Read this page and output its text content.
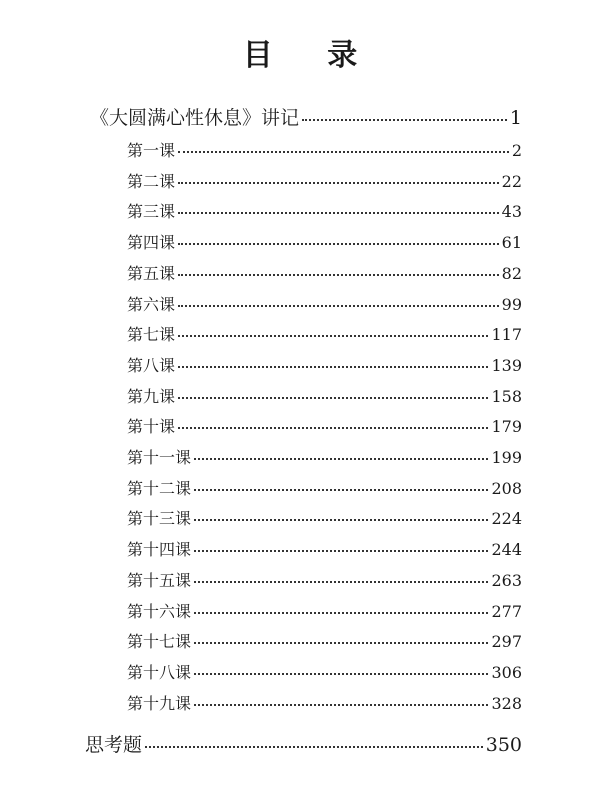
目 录
《大圆满心性休息》讲记	1
第一课	2
第二课	22
第三课	43
第四课	61
第五课	82
第六课	99
第七课	117
第八课	139
第九课	158
第十课	179
第十一课	199
第十二课	208
第十三课	224
第十四课	244
第十五课	263
第十六课	277
第十七课	297
第十八课	306
第十九课	328
思考题	350
